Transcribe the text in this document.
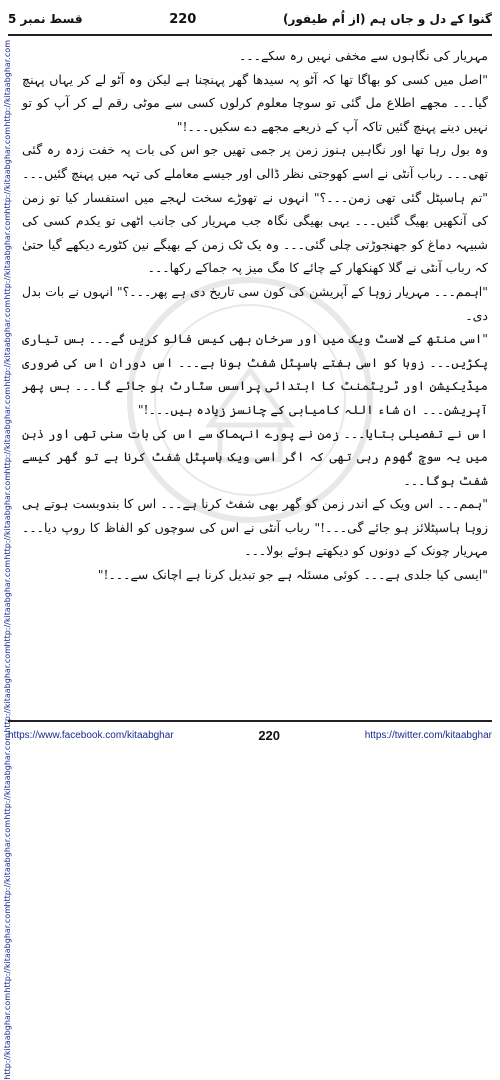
قسط نمبر 5	220	گنوا کے دل و جاں ہم (از اُم طیفور)
http://kitaabghar.com
http://kitaabghar.com
http://kitaabghar.com
http://kitaabghar.com
http://kitaabghar.com
http://kitaabghar.com
http://kitaabghar.com
http://kitaabghar.com
http://kitaabghar.com
http://kitaabghar.com
http://kitaabghar.com
http://kitaabghar.com

مہریار کی نگاہوں سے مخفی نہیں رہ سکے۔۔۔

"اصل میں کسی کو بھاگا تھا کہ آٹو پہ سیدھا گھر پہنچنا ہے لیکن وہ آٹو لے کر یہاں پہنچ گیا۔۔۔ مجھے اطلاع مل گئی تو سوچا معلوم کرلوں کسی سے موٹی رقم لے کر آپ کو تو نہیں دینے پہنچ گئیں تاکہ آپ کے ذریعے مجھے دے سکیں۔۔۔!"

وہ بول رہا تھا اور نگاہیں ہنوز زمن پر جمی تھیں جو اس کی بات پہ خفت زدہ رہ گئی تھی۔۔۔ رباب آنٹی نے اسے کھوجتی نظر ڈالی اور جیسے معاملے کی تہہ میں پہنچ گئیں۔۔۔

"تم ہاسپٹل گئی تھی زمن۔۔۔؟" انہوں نے تھوڑے سخت لہجے میں استفسار کیا تو زمن کی آنکھیں بھیگ گئیں۔۔۔ یہی بھیگی نگاہ جب مہریار کی جانب اٹھی تو یکدم کسی کی شبیہہ دماغ کو جھنجوڑتی چلی گئی۔۔۔ وہ یک ٹک زمن کے بھیگے نین کٹورے دیکھے گیا حتیٰ کہ رباب آنٹی نے گلا کھنکھار کے چائے کا مگ میز پہ جماکے رکھا۔۔۔

"اہمم۔۔۔ مہریار زوہا کے آپریشن کی کون سی تاریخ دی ہے پھر۔۔۔؟" انہوں نے بات بدل دی۔

"اسی منتھ کے لاسٹ ویک میں اور سرخان بھی کیس فالو کریں گے۔۔۔ بس تیاری پکڑیں۔۔۔ زوہا کو اسی ہفتے ہاسپٹل شفٹ ہونا ہے۔۔۔ اس دوران اس کی ضروری میڈیکیشن اور ٹریٹمنٹ کا ابتدائی پراسس سٹارٹ ہو جائے گا۔۔۔ بس پھر آپریشن۔۔۔ ان شاء اللہ کامیابی کے چانسز زیادہ ہیں۔۔۔!"

اس نے تفصیلی بتایا۔۔۔ زمن نے پورے انہماک سے اس کی بات سنی تھی اور ذہن میں یہ سوچ گھوم رہی تھی کہ اگر اسی ویک ہاسپٹل شفٹ کرنا ہے تو گھر کیسے شفٹ ہوگا۔۔۔

"ہمم۔۔۔ اس ویک کے اندر زمن کو گھر بھی شفٹ کرنا ہے۔۔۔ اس کا بندوبست ہوتے ہی زوہا ہاسپٹلائز ہو جائے گی۔۔۔!" رباب آنٹی نے اس کی سوچوں کو الفاظ کا روپ دیا۔۔۔ مہریار چونک کے دونوں کو دیکھتے ہوئے بولا۔۔۔

"ایسی کیا جلدی ہے۔۔۔ کوئی مسئلہ ہے جو تبدیل کرنا ہے اچانک سے۔۔۔!"

https://www.facebook.com/kitaabghar	220	https://twitter.com/kitaabghar
